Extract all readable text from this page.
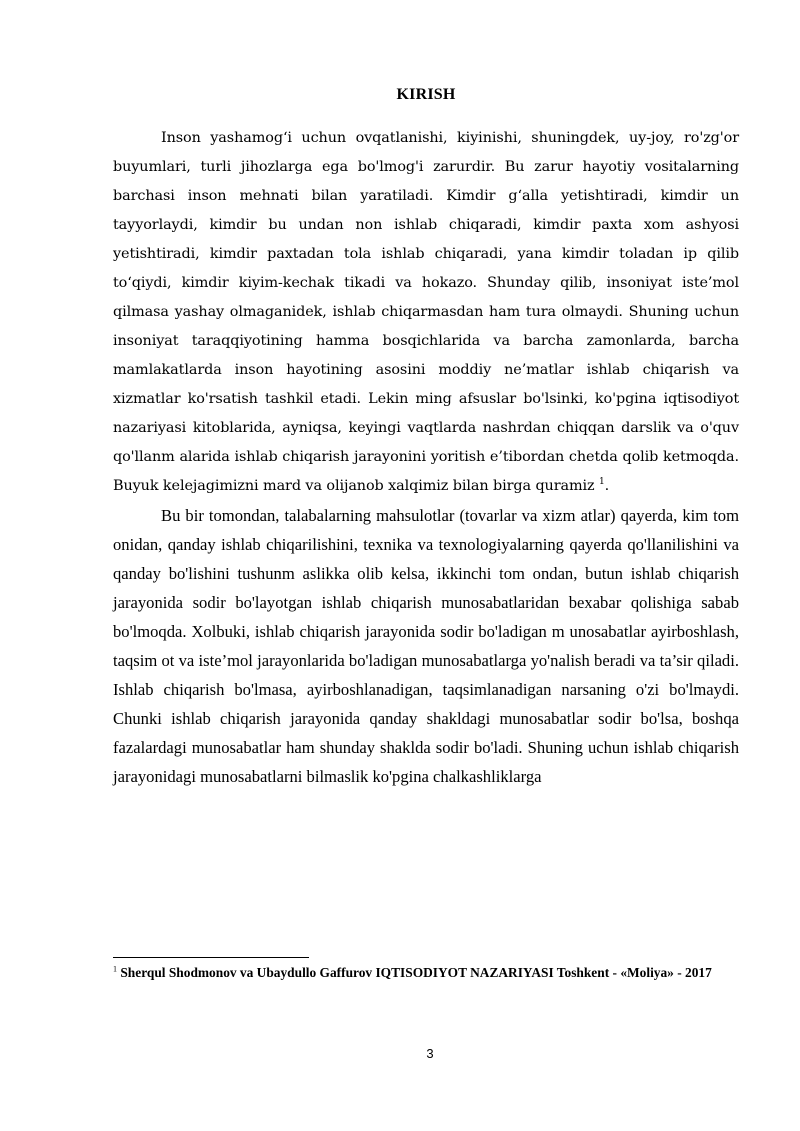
KIRISH

Inson yashamog‘i uchun ovqatlanishi, kiyinishi, shuningdek, uy-joy, ro'zg'or buyumlari, turli jihozlarga ega bo'lmog'i zarurdir. Bu zarur hayotiy vositalarning barchasi inson mehnati bilan yaratiladi. Kimdir g‘alla yetishtiradi, kimdir un tayyorlaydi, kimdir bu undan non ishlab chiqaradi, kimdir paxta xom ashyosi yetishtiradi, kimdir paxtadan tola ishlab chiqaradi, yana kimdir toladan ip qilib to‘qiydi, kimdir kiyim-kechak tikadi va hokazo. Shunday qilib, insoniyat iste’mol qilmasa yashay olmaganidek, ishlab chiqarmasdan ham tura olmaydi. Shuning uchun insoniyat taraqqiyotining hamma bosqichlarida va barcha zamonlarda, barcha mamlakatlarda inson hayotining asosini moddiy ne’matlar ishlab chiqarish va xizmatlar ko'rsatish tashkil etadi. Lekin ming afsuslar bo'lsinki, ko'pgina iqtisodiyot nazariyasi kitoblarida, ayniqsa, keyingi vaqtlarda nashrdan chiqqan darslik va o'quv qo'llanm alarida ishlab chiqarish jarayonini yoritish e’tibordan chetda qolib ketmoqda. Buyuk kelejagimizni mard va olijanob xalqimiz bilan birga quramiz $^1$.

Bu bir tomondan, talabalarning mahsulotlar (tovarlar va xizm atlar) qayerda, kim tom onidan, qanday ishlab chiqarilishini, texnika va texnologiyalarning qayerda qo'llanilishini va qanday bo'lishini tushunm aslikka olib kelsa, ikkinchi tom ondan, butun ishlab chiqarish jarayonida sodir bo'layotgan ishlab chiqarish munosabatlaridan bexabar qolishiga sabab bo'lmoqda. Xolbuki, ishlab chiqarish jarayonida sodir bo'ladigan m unosabatlar ayirboshlash, taqsim ot va iste’mol jarayonlarida bo'ladigan munosabatlarga yo'nalish beradi va ta’sir qiladi. Ishlab chiqarish bo'lmasa, ayirboshlanadigan, taqsimlanadigan narsaning o'zi bo'lmaydi. Chunki ishlab chiqarish jarayonida qanday shakldagi munosabatlar sodir bo'lsa, boshqa fazalardagi munosabatlar ham shunday shaklda sodir bo'ladi. Shuning uchun ishlab chiqarish jarayonidagi munosabatlarni bilmaslik ko'pgina chalkashliklarga

$^1$ Sherqul Shodmonov va Ubaydullo Gaffurov IQTISODIYOT NAZARIYASI Toshkent - «Moliya» - 2017
3
